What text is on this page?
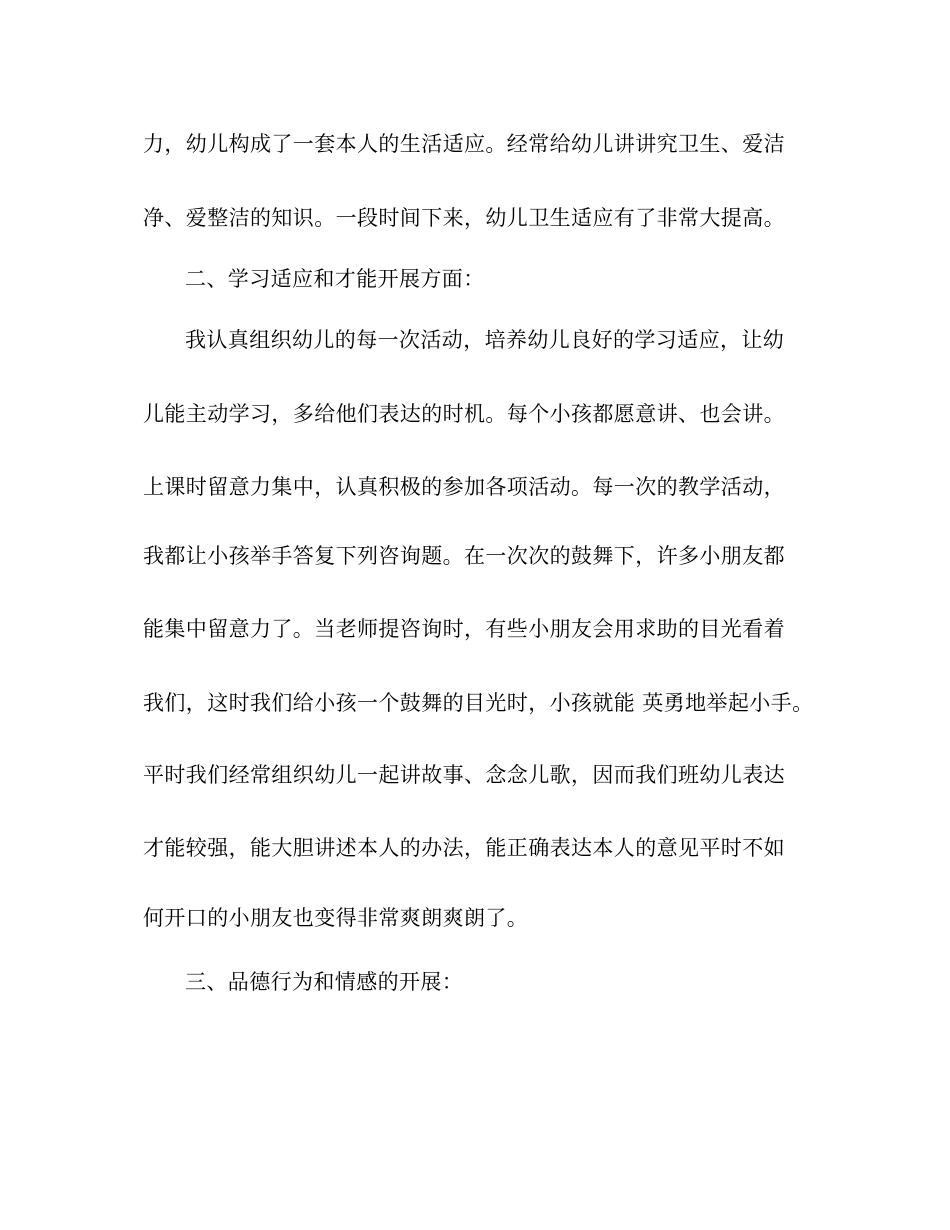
力，幼儿构成了一套本人的生活适应。经常给幼儿讲讲究卫生、爱洁
净、爱整洁的知识。一段时间下来，幼儿卫生适应有了非常大提高。
二、学习适应和才能开展方面：
我认真组织幼儿的每一次活动，培养幼儿良好的学习适应，让幼
儿能主动学习，多给他们表达的时机。每个小孩都愿意讲、也会讲。
上课时留意力集中，认真积极的参加各项活动。每一次的教学活动，
我都让小孩举手答复下列咨询题。在一次次的鼓舞下，许多小朋友都
能集中留意力了。当老师提咨询时，有些小朋友会用求助的目光看着
我们，这时我们给小孩一个鼓舞的目光时，小孩就能 英勇地举起小手。
平时我们经常组织幼儿一起讲故事、念念儿歌，因而我们班幼儿表达
才能较强，能大胆讲述本人的办法，能正确表达本人的意见平时不如
何开口的小朋友也变得非常爽朗爽朗了。
三、品德行为和情感的开展：
